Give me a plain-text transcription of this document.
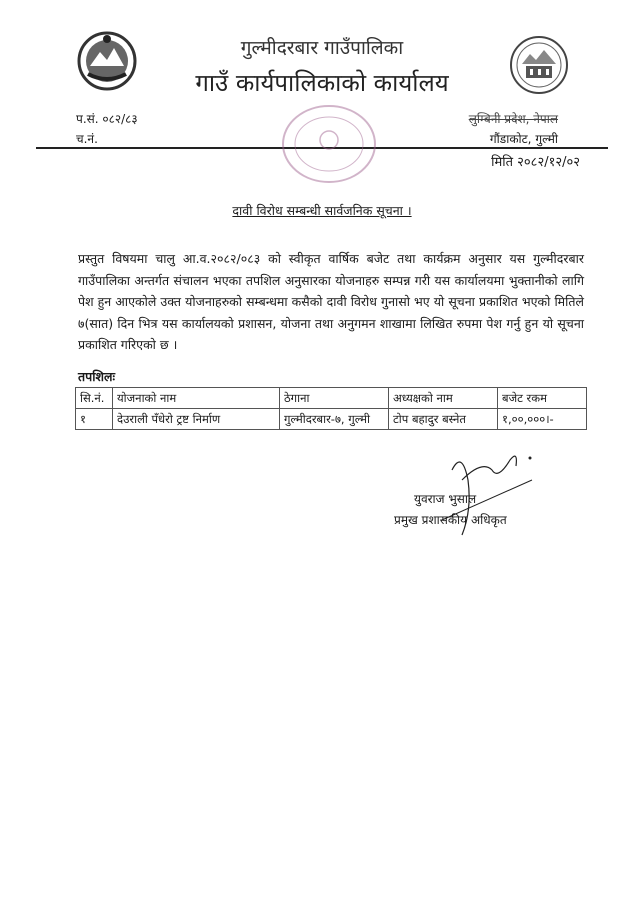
गुल्मीदरबार गाउँपालिका
गाउँ कार्यपालिकाको कार्यालय
प.सं. ०८२/८३
च.नं.
लुम्बिनी प्रदेश, नेपाल
गौंडाकोट, गुल्मी
मिति २०८२/१२/०२
दावी विरोध सम्बन्धी सार्वजनिक सूचना ।
प्रस्तुत विषयमा चालु आ.व.२०८२/०८३ को स्वीकृत वार्षिक बजेट तथा कार्यक्रम अनुसार यस गुल्मीदरबार गाउँपालिका अन्तर्गत संचालन भएका तपशिल अनुसारका योजनाहरु सम्पन्न गरी यस कार्यालयमा भुक्तानीको लागि पेश हुन आएकोले उक्त योजनाहरुको सम्बन्धमा कसैको दावी विरोध गुनासो भए यो सूचना प्रकाशित भएको मितिले ७(सात) दिन भित्र यस कार्यालयको प्रशासन, योजना तथा अनुगमन शाखामा लिखित रुपमा पेश गर्नु हुन यो सूचना प्रकाशित गरिएको छ ।
तपशिलः
सि.नं.	योजनाको नाम	ठेगाना	अध्यक्षको नाम	बजेट रकम
१	देउराली पँधेरो ट्रष्ट निर्माण	गुल्मीदरबार-७, गुल्मी	टोप बहादुर बस्नेत	१,००,०००।-
युवराज भुसाल
प्रमुख प्रशासकीय अधिकृत
